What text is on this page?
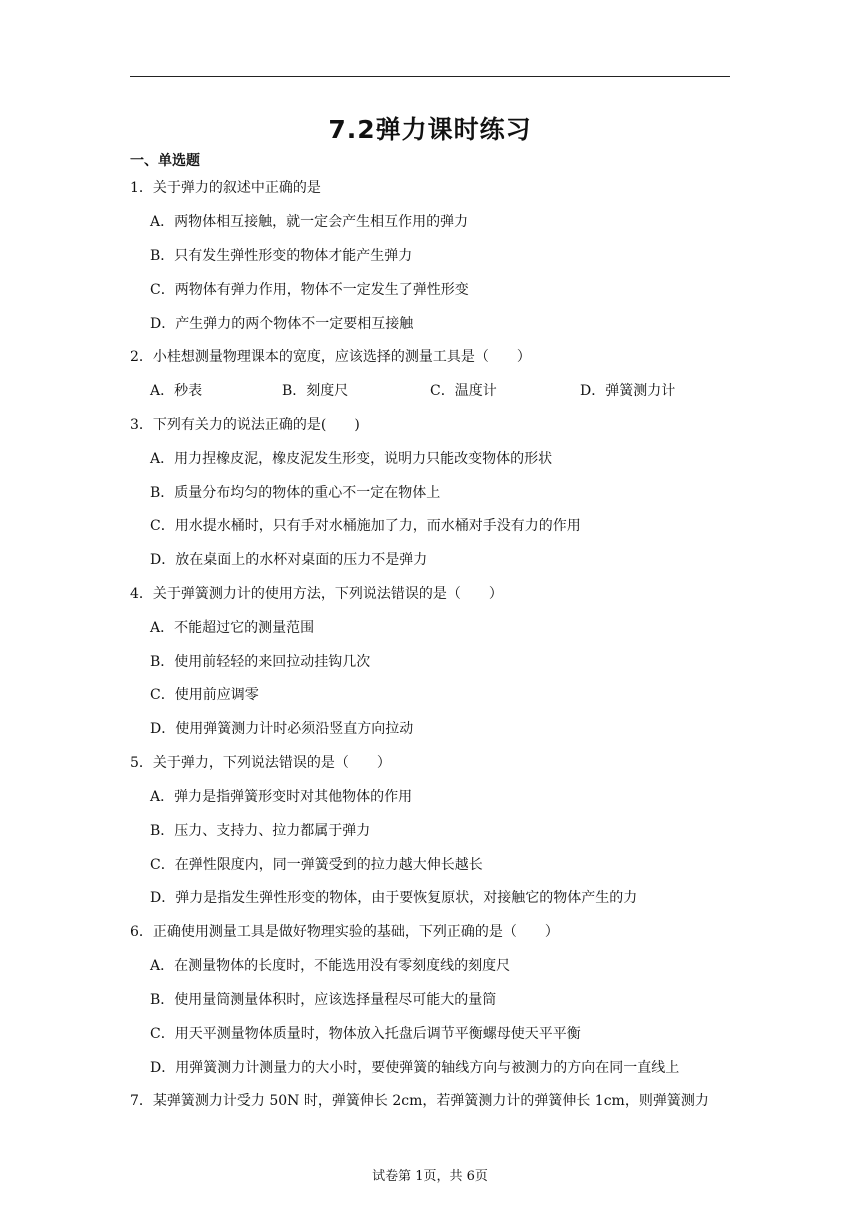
7.2弹力课时练习
一、单选题
1．关于弹力的叙述中正确的是
A．两物体相互接触，就一定会产生相互作用的弹力
B．只有发生弹性形变的物体才能产生弹力
C．两物体有弹力作用，物体不一定发生了弹性形变
D．产生弹力的两个物体不一定要相互接触
2．小桂想测量物理课本的宽度，应该选择的测量工具是（　　）
A．秒表	B．刻度尺	C．温度计	D．弹簧测力计
3．下列有关力的说法正确的是(　　)
A．用力捏橡皮泥，橡皮泥发生形变，说明力只能改变物体的形状
B．质量分布均匀的物体的重心不一定在物体上
C．用水提水桶时，只有手对水桶施加了力，而水桶对手没有力的作用
D．放在桌面上的水杯对桌面的压力不是弹力
4．关于弹簧测力计的使用方法，下列说法错误的是（　　）
A．不能超过它的测量范围
B．使用前轻轻的来回拉动挂钩几次
C．使用前应调零
D．使用弹簧测力计时必须沿竖直方向拉动
5．关于弹力，下列说法错误的是（　　）
A．弹力是指弹簧形变时对其他物体的作用
B．压力、支持力、拉力都属于弹力
C．在弹性限度内，同一弹簧受到的拉力越大伸长越长
D．弹力是指发生弹性形变的物体，由于要恢复原状，对接触它的物体产生的力
6．正确使用测量工具是做好物理实验的基础，下列正确的是（　　）
A．在测量物体的长度时，不能选用没有零刻度线的刻度尺
B．使用量筒测量体积时，应该选择量程尽可能大的量筒
C．用天平测量物体质量时，物体放入托盘后调节平衡螺母使天平平衡
D．用弹簧测力计测量力的大小时，要使弹簧的轴线方向与被测力的方向在同一直线上
7．某弹簧测力计受力 50N 时，弹簧伸长 2cm，若弹簧测力计的弹簧伸长 1cm，则弹簧测力
试卷第 1页，共 6页
